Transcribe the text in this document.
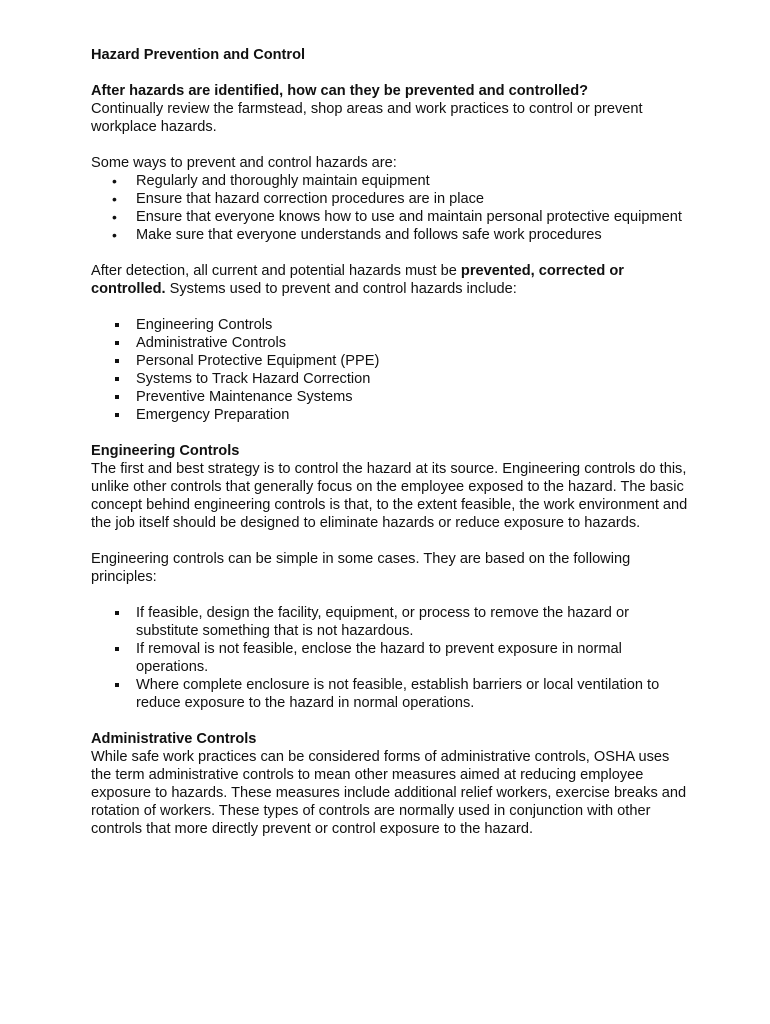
Hazard Prevention and Control

After hazards are identified, how can they be prevented and controlled?

Continually review the farmstead, shop areas and work practices to control or prevent workplace hazards.

Some ways to prevent and control hazards are:

• Regularly and thoroughly maintain equipment
• Ensure that hazard correction procedures are in place
• Ensure that everyone knows how to use and maintain personal protective equipment
• Make sure that everyone understands and follows safe work procedures

After detection, all current and potential hazards must be prevented, corrected or controlled. Systems used to prevent and control hazards include:

Engineering Controls
Administrative Controls
Personal Protective Equipment (PPE)
Systems to Track Hazard Correction
Preventive Maintenance Systems
Emergency Preparation

Engineering Controls

The first and best strategy is to control the hazard at its source. Engineering controls do this, unlike other controls that generally focus on the employee exposed to the hazard. The basic concept behind engineering controls is that, to the extent feasible, the work environment and the job itself should be designed to eliminate hazards or reduce exposure to hazards.

Engineering controls can be simple in some cases. They are based on the following principles:

If feasible, design the facility, equipment, or process to remove the hazard or substitute something that is not hazardous.
If removal is not feasible, enclose the hazard to prevent exposure in normal operations.
Where complete enclosure is not feasible, establish barriers or local ventilation to reduce exposure to the hazard in normal operations.

Administrative Controls

While safe work practices can be considered forms of administrative controls, OSHA uses the term administrative controls to mean other measures aimed at reducing employee exposure to hazards. These measures include additional relief workers, exercise breaks and rotation of workers. These types of controls are normally used in conjunction with other controls that more directly prevent or control exposure to the hazard.
